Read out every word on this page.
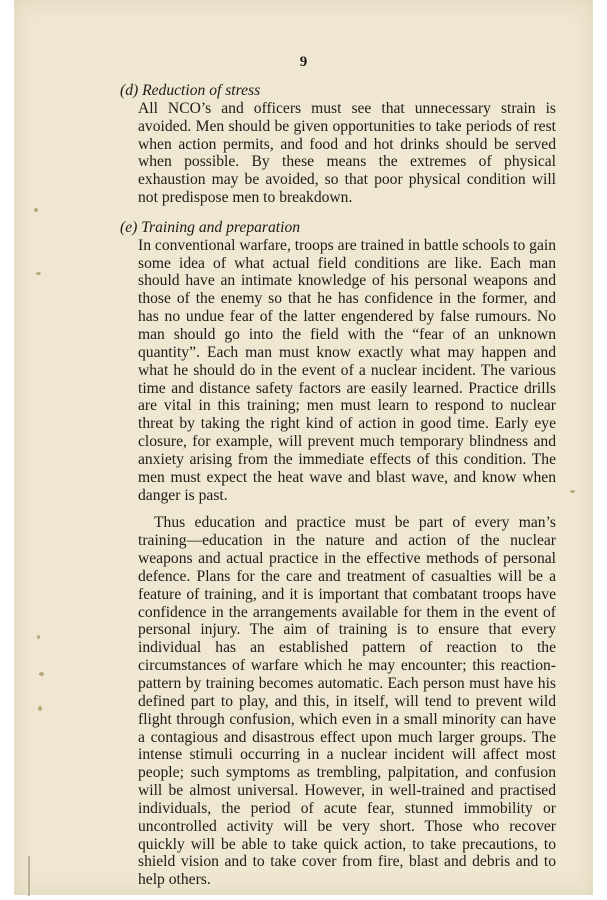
9

(d) Reduction of stress

All NCO’s and officers must see that unnecessary strain is avoided. Men should be given opportunities to take periods of rest when action permits, and food and hot drinks should be served when possible. By these means the extremes of physical exhaustion may be avoided, so that poor physical condition will not predispose men to breakdown.

(e) Training and preparation

In conventional warfare, troops are trained in battle schools to gain some idea of what actual field conditions are like. Each man should have an intimate knowledge of his personal weapons and those of the enemy so that he has confidence in the former, and has no undue fear of the latter engendered by false rumours. No man should go into the field with the “fear of an unknown quantity”. Each man must know exactly what may happen and what he should do in the event of a nuclear incident. The various time and distance safety factors are easily learned. Practice drills are vital in this training; men must learn to respond to nuclear threat by taking the right kind of action in good time. Early eye closure, for example, will prevent much temporary blindness and anxiety arising from the immediate effects of this condition. The men must expect the heat wave and blast wave, and know when danger is past.

Thus education and practice must be part of every man’s training—education in the nature and action of the nuclear weapons and actual practice in the effective methods of personal defence. Plans for the care and treatment of casualties will be a feature of training, and it is important that combatant troops have confidence in the arrangements available for them in the event of personal injury. The aim of training is to ensure that every individual has an established pattern of reaction to the circumstances of warfare which he may encounter; this reaction-pattern by training becomes automatic. Each person must have his defined part to play, and this, in itself, will tend to prevent wild flight through confusion, which even in a small minority can have a contagious and disastrous effect upon much larger groups. The intense stimuli occurring in a nuclear incident will affect most people; such symptoms as trembling, palpitation, and confusion will be almost universal. However, in well-trained and practised individuals, the period of acute fear, stunned immobility or uncontrolled activity will be very short. Those who recover quickly will be able to take quick action, to take precautions, to shield vision and to take cover from fire, blast and debris and to help others.
